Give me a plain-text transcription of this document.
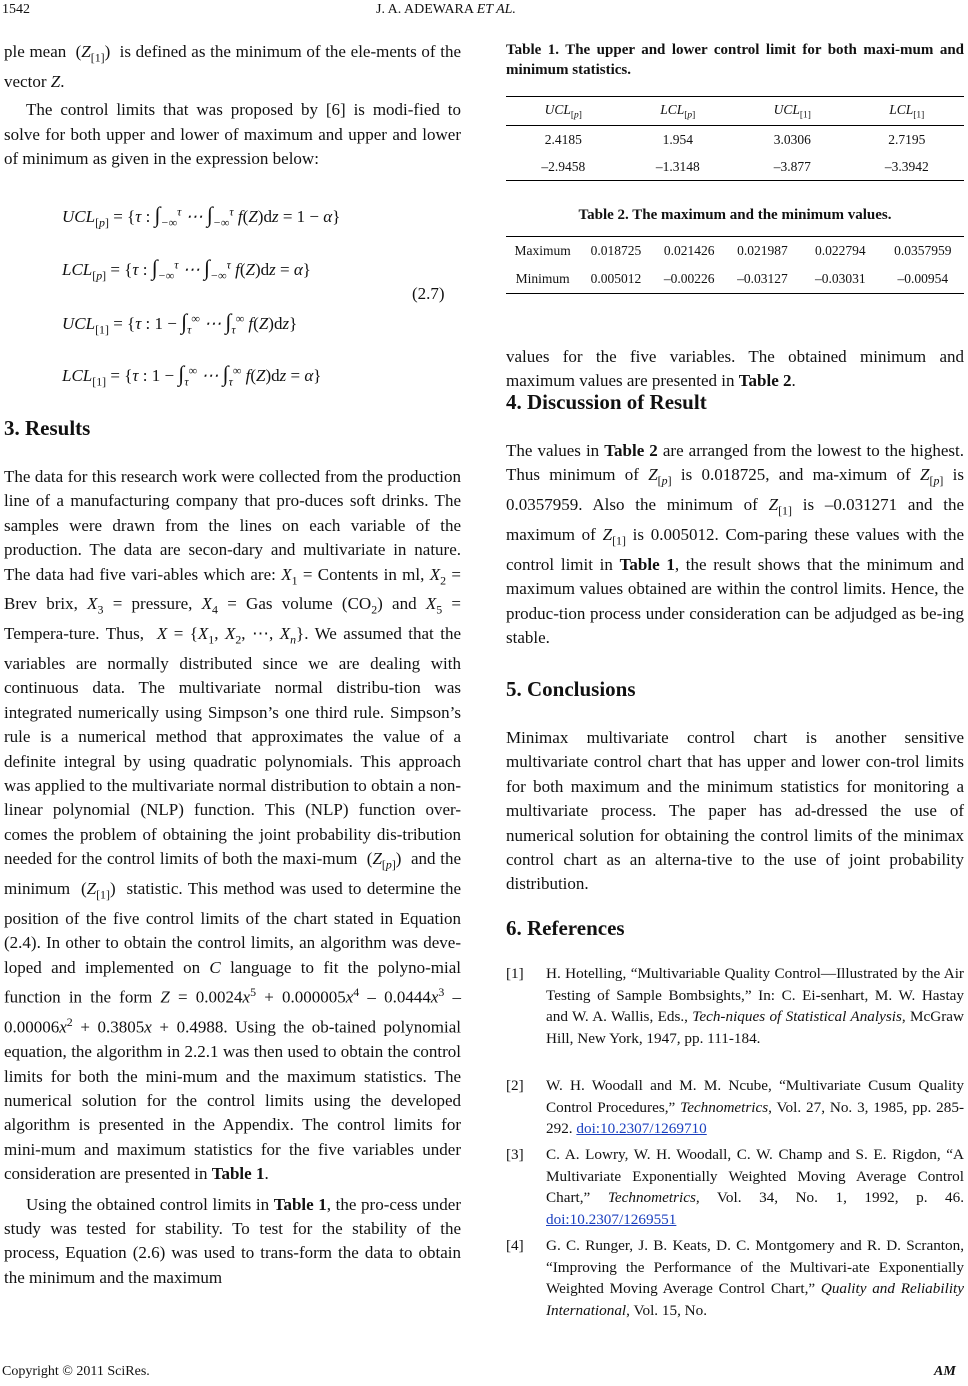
1542	J. A. ADEWARA ET AL.

ple mean  $(Z_{[1]})$  is defined as the minimum of the ele-ments of the vector Z.

The control limits that was proposed by [6] is modi-fied to solve for both upper and lower of maximum and upper and lower of minimum as given in the expression below:

$UCL_{[p]} = \{\tau$ : $\int_{-\infty}^\tau$ ⋯ $\int_{-\infty}^\tau$ f(Z)dz = 1 − α}
$LCL_{[p]} = \{\tau$ : $\int_{-\infty}^\tau$ ⋯ $\int_{-\infty}^\tau$ f(Z)dz = α}
$UCL_{[1]} = \{\tau$ : $1 - \int_\tau^\infty$ ⋯ $\int_\tau^\infty$ f(Z)dz}
$LCL_{[1]} = \{\tau$ : $1 - \int_\tau^\infty$ ⋯ $\int_\tau^\infty$ f(Z)dz = α}
(2.7)
3. Results

The data for this research work were collected from the production line of a manufacturing company that pro-duces soft drinks. The samples were drawn from the lines on each variable of the production. The data are secon-dary and multivariate in nature. The data had five vari-ables which are: $X_1$ = Contents in ml, $X_2$ = Brev brix, $X_3$ = pressure, $X_4$ = Gas volume $(CO_2)$ and $X_5$ = Tempera-ture. Thus,  $X = \{X_1$, $X_2$, ⋯, $X_n$}. We assumed that the variables are normally distributed since we are dealing with continuous data. The multivariate normal distribu-tion was integrated numerically using Simpson’s one third rule. Simpson’s rule is a numerical method that approximates the value of a definite integral by using quadratic polynomials. This approach was applied to the multivariate normal distribution to obtain a non-linear polynomial (NLP) function. This (NLP) function over-comes the problem of obtaining the joint probability dis-tribution needed for the control limits of both the maxi-mum  $(Z_{[p]})$  and the minimum  $(Z_{[1]})$  statistic. This method was used to determine the position of the five control limits of the chart stated in Equation (2.4). In other to obtain the control limits, an algorithm was deve-loped and implemented on C language to fit the polyno-mial function in the form $Z = 0.0024x^5 + 0.000005x^4 - 0.0444x^3 - 0.00006x^2 + 0.3805x + 0.4988$. Using the ob-tained polynomial equation, the algorithm in 2.2.1 was then used to obtain the control limits for both the mini-mum and the maximum statistics. The numerical solution for the control limits using the developed algorithm is presented in the Appendix. The control limits for mini-mum and maximum statistics for the five variables under consideration are presented in Table 1.

Using the obtained control limits in Table 1, the pro-cess under study was tested for stability. To test for the stability of the process, Equation (2.6) was used to trans-form the data to obtain the minimum and the maximum

Table 1. The upper and lower control limit for both maxi-mum and minimum statistics.
$UCL_{[p]}$	$LCL_{[p]}$	$UCL_{[1]}$	$LCL_{[1]}$
2.4185	1.954	3.0306	2.7195
–2.9458	–1.3148	–3.877	–3.3942
Table 2. The maximum and the minimum values.
Maximum	0.018725	0.021426	0.021987	0.022794	0.0357959
Minimum	0.005012	–0.00226	–0.03127	–0.03031	–0.00954

values for the five variables. The obtained minimum and maximum values are presented in Table 2.

4. Discussion of Result

The values in Table 2 are arranged from the lowest to the highest. Thus minimum of $Z_{[p]}$ is 0.018725, and ma-ximum of $Z_{[p]}$ is 0.0357959. Also the minimum of $Z_{[1]}$ is –0.031271 and the maximum of $Z_{[1]}$ is 0.005012. Com-paring these values with the control limit in Table 1, the result shows that the minimum and maximum values obtained are within the control limits. Hence, the produc-tion process under consideration can be adjudged as be-ing stable.

5. Conclusions
Minimax multivariate control chart is another sensitive multivariate control chart that has upper and lower con-trol limits for both maximum and the minimum statistics for monitoring a multivariate process. The paper has ad-dressed the use of numerical solution for obtaining the control limits of the minimax control chart as an alterna-tive to the use of joint probability distribution.
6. References
[1] H. Hotelling, “Multivariable Quality Control—Illustrated by the Air Testing of Sample Bombsights,” In: C. Ei-senhart, M. W. Hastay and W. A. Wallis, Eds., Tech-niques of Statistical Analysis, McGraw Hill, New York, 1947, pp. 111-184.
[2] W. H. Woodall and M. M. Ncube, “Multivariate Cusum Quality Control Procedures,” Technometrics, Vol. 27, No. 3, 1985, pp. 285-292. doi:10.2307/1269710
[3] C. A. Lowry, W. H. Woodall, C. W. Champ and S. E. Rigdon, “A Multivariate Exponentially Weighted Moving Average Control Chart,” Technometrics, Vol. 34, No. 1, 1992, p. 46. doi:10.2307/1269551
[4] G. C. Runger, J. B. Keats, D. C. Montgomery and R. D. Scranton, “Improving the Performance of the Multivari-ate Exponentially Weighted Moving Average Control Chart,” Quality and Reliability International, Vol. 15, No.
Copyright © 2011 SciRes.	AM
